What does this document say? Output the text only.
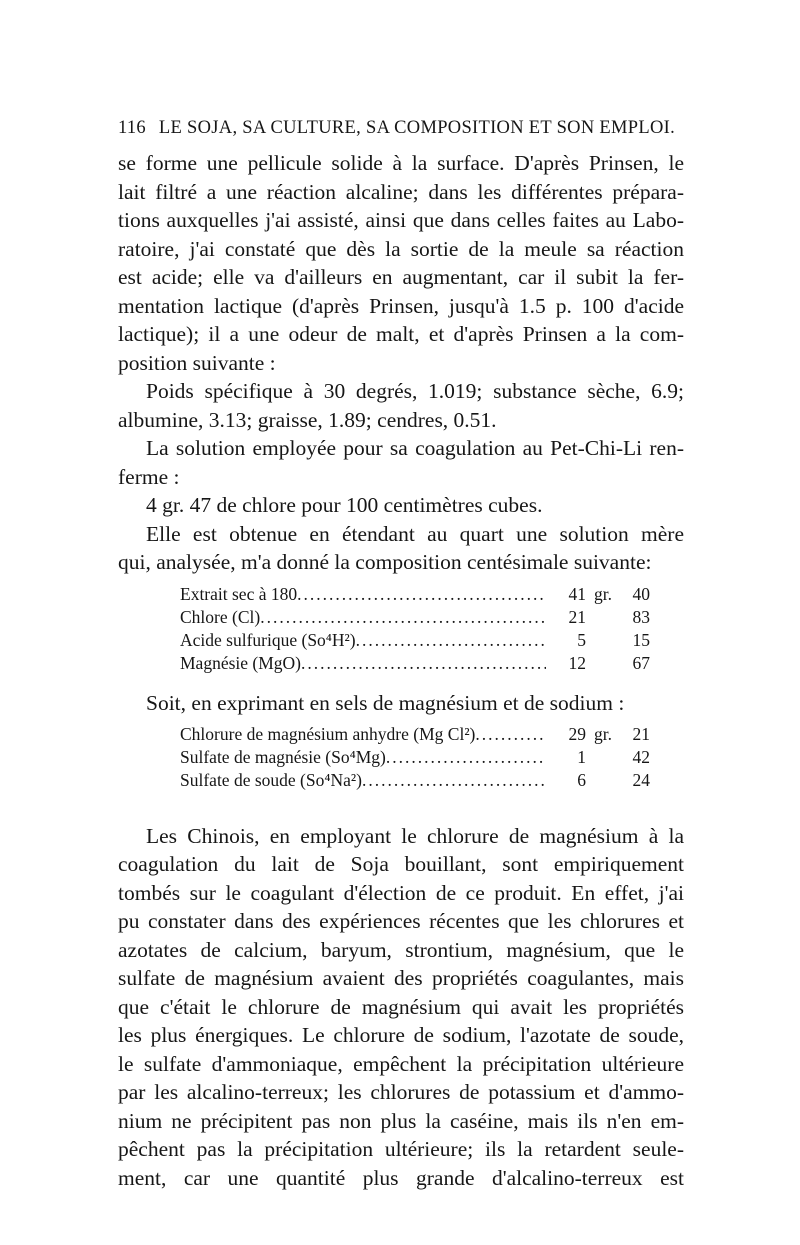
116 LE SOJA, SA CULTURE, SA COMPOSITION ET SON EMPLOI.

se forme une pellicule solide à la surface. D'après Prinsen, le
lait filtré a une réaction alcaline; dans les différentes prépara-
tions auxquelles j'ai assisté, ainsi que dans celles faites au Labo-
ratoire, j'ai constaté que dès la sortie de la meule sa réaction
est acide; elle va d'ailleurs en augmentant, car il subit la fer-
mentation lactique (d'après Prinsen, jusqu'à 1.5 p. 100 d'acide
lactique); il a une odeur de malt, et d'après Prinsen a la com-
position suivante :

Poids spécifique à 30 degrés, 1.019; substance sèche, 6.9;
albumine, 3.13; graisse, 1.89; cendres, 0.51.

La solution employée pour sa coagulation au Pet-Chi-Li ren-
ferme :

4 gr. 47 de chlore pour 100 centimètres cubes.

Elle est obtenue en étendant au quart une solution mère
qui, analysée, m'a donné la composition centésimale suivante:

Extrait sec à 180 .....	41 gr.	40
Chlore (Cl) .....	21	83
Acide sulfurique (So⁴H²) .....	5	15
Magnésie (MgO) .....	12	67
Soit, en exprimant en sels de magnésium et de sodium :
Chlorure de magnésium anhydre (Mg Cl²) .....	29 gr.	21
Sulfate de magnésie (So⁴Mg) .....	1	42
Sulfate de soude (So⁴Na²) .....	6	24

Les Chinois, en employant le chlorure de magnésium à la
coagulation du lait de Soja bouillant, sont empiriquement
tombés sur le coagulant d'élection de ce produit. En effet, j'ai
pu constater dans des expériences récentes que les chlorures et
azotates de calcium, baryum, strontium, magnésium, que le
sulfate de magnésium avaient des propriétés coagulantes, mais
que c'était le chlorure de magnésium qui avait les propriétés
les plus énergiques. Le chlorure de sodium, l'azotate de soude,
le sulfate d'ammoniaque, empêchent la précipitation ultérieure
par les alcalino-terreux; les chlorures de potassium et d'ammo-
nium ne précipitent pas non plus la caséine, mais ils n'en em-
pêchent pas la précipitation ultérieure; ils la retardent seule-
ment, car une quantité plus grande d'alcalino-terreux est
